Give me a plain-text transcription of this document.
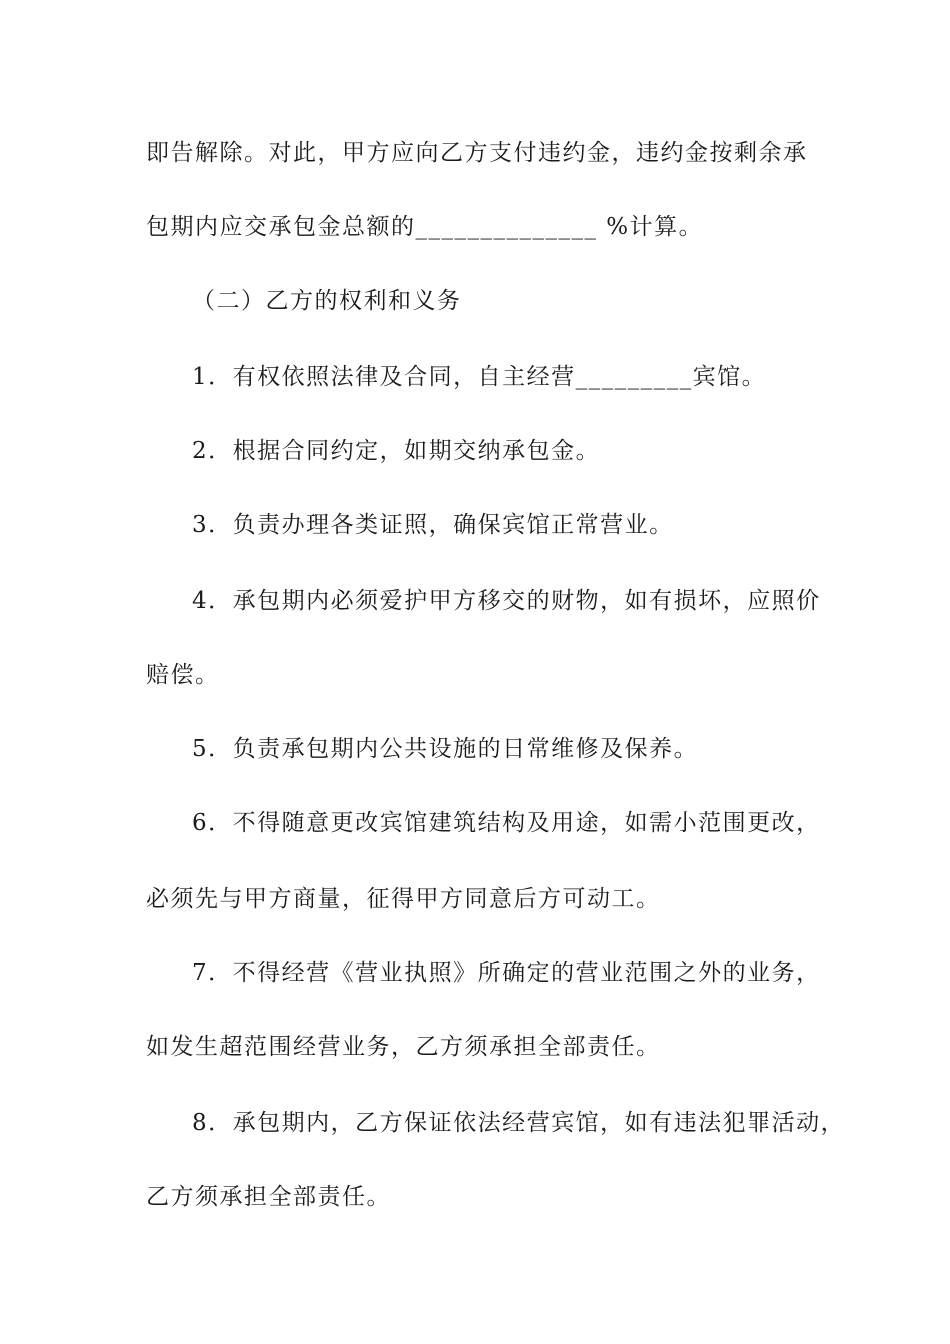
即告解除。对此，甲方应向乙方支付违约金，违约金按剩余承
包期内应交承包金总额的______________ %计算。
（二）乙方的权利和义务
1．有权依照法律及合同，自主经营_________宾馆。
2．根据合同约定，如期交纳承包金。
3．负责办理各类证照，确保宾馆正常营业。
4．承包期内必须爱护甲方移交的财物，如有损坏，应照价
赔偿。
5．负责承包期内公共设施的日常维修及保养。
6．不得随意更改宾馆建筑结构及用途，如需小范围更改，
必须先与甲方商量，征得甲方同意后方可动工。
7．不得经营《营业执照》所确定的营业范围之外的业务，
如发生超范围经营业务，乙方须承担全部责任。
8．承包期内，乙方保证依法经营宾馆，如有违法犯罪活动，
乙方须承担全部责任。
